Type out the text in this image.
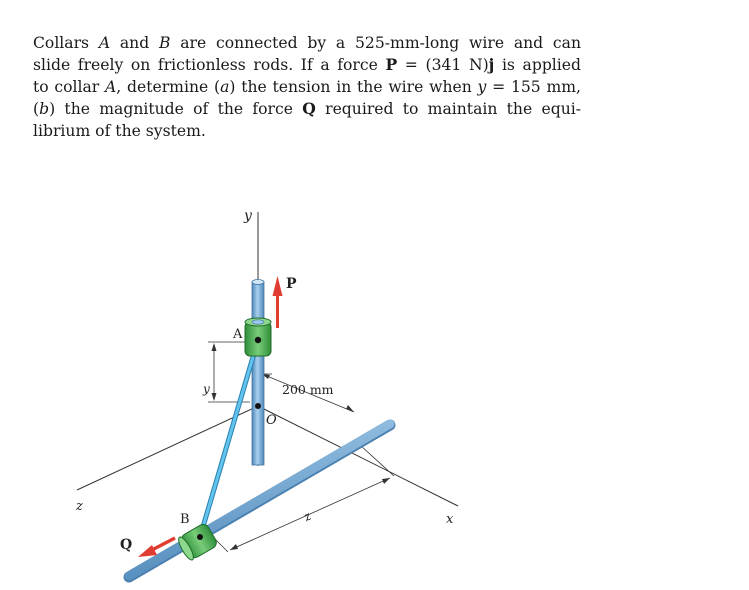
Collars A and B are connected by a 525-mm-long wire and can
slide freely on frictionless rods. If a force P = (341 N)j is applied
to collar A, determine (a) the tension in the wire when y = 155 mm,
(b) the magnitude of the force Q required to maintain the equi-
librium of the system.
y	200 mm
z
y
P
A
O
B
Q
z
x
